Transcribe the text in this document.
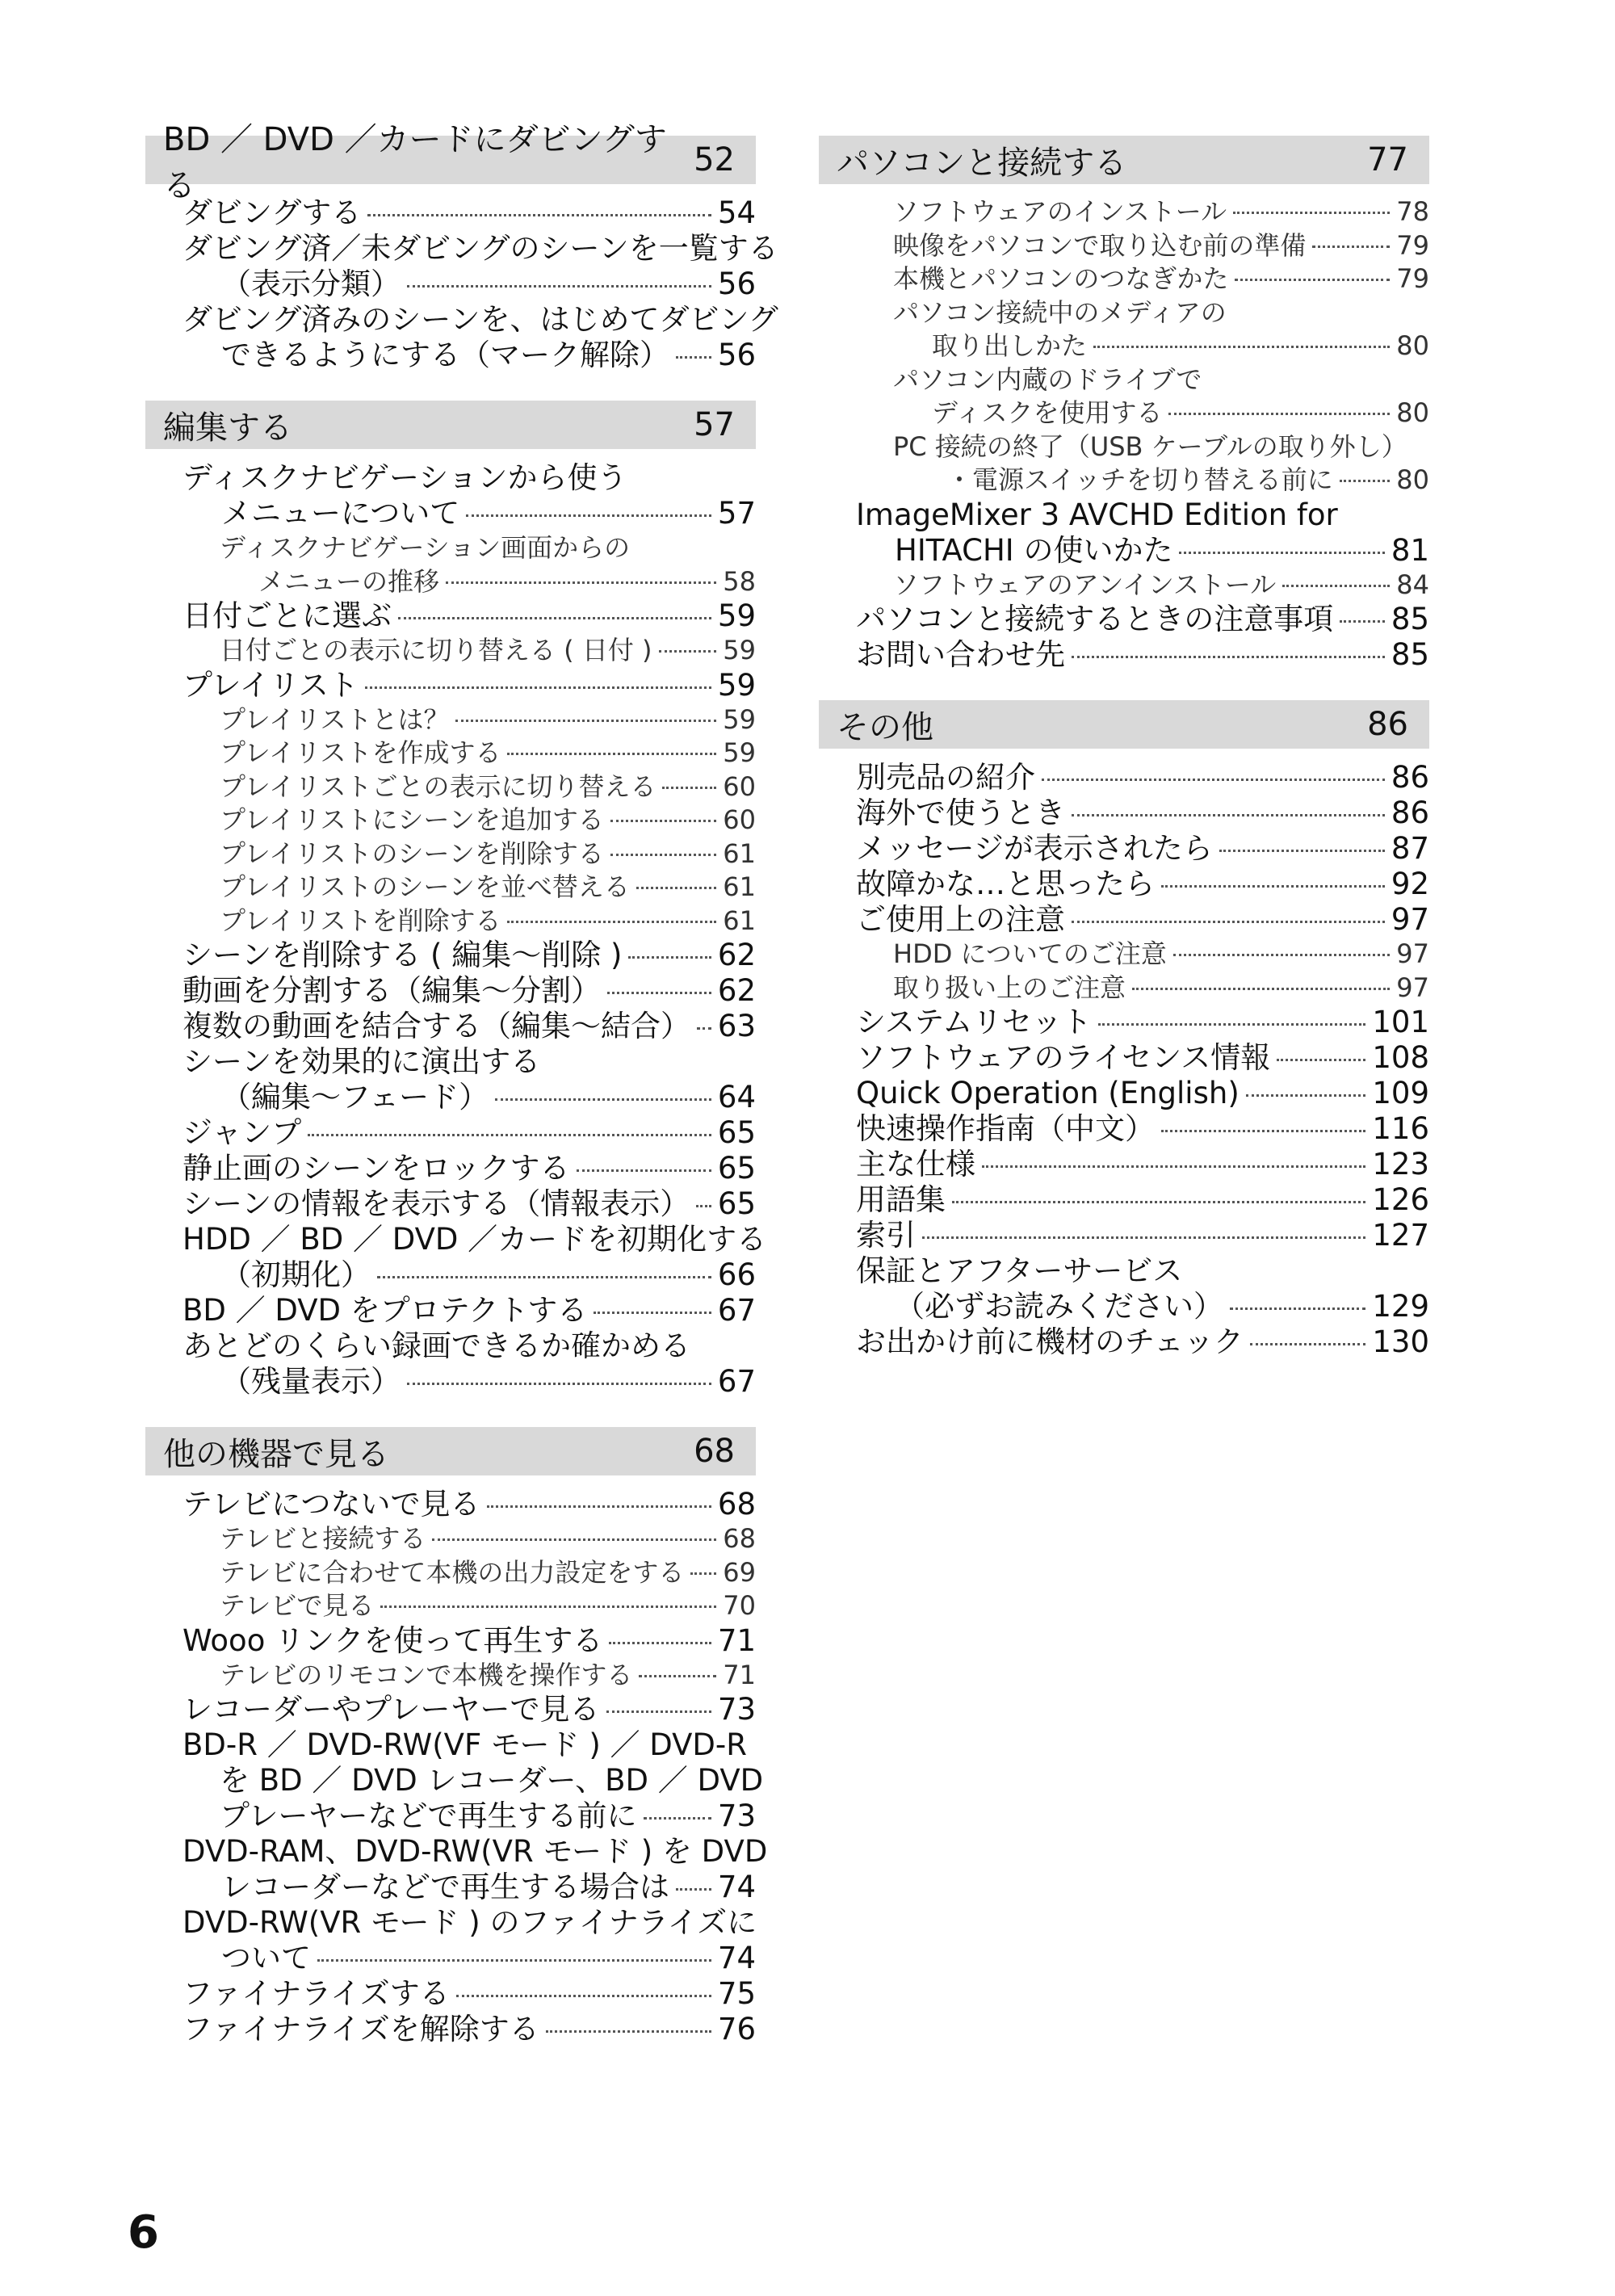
BD ／ DVD ／カードにダビングする
52
ダビングする	54
ダビング済／未ダビングのシーンを一覧する
（表示分類）	56
ダビング済みのシーンを、はじめてダビング
できるようにする（マーク解除） 56
編集する	57
ディスクナビゲーションから使う
メニューについて	57
ディスクナビゲーション画面からの
メニューの推移	58
日付ごとに選ぶ	59
日付ごとの表示に切り替える ( 日付 )	59
プレイリスト	59
プレイリストとは？	59
プレイリストを作成する	59
プレイリストごとの表示に切り替える	60
プレイリストにシーンを追加する	60
プレイリストのシーンを削除する	61
プレイリストのシーンを並べ替える	61
プレイリストを削除する	61
シーンを削除する ( 編集〜削除 )	62
動画を分割する（編集〜分割）	62
複数の動画を結合する（編集〜結合） 63
シーンを効果的に演出する
（編集〜フェード）	64
ジャンプ	65
静止画のシーンをロックする	65
シーンの情報を表示する（情報表示） 65
HDD ／ BD ／ DVD ／カードを初期化する
（初期化）	66
BD ／ DVD をプロテクトする	67
あとどのくらい録画できるか確かめる
（残量表示）	67
他の機器で見る	68
テレビにつないで見る	68
テレビと接続する	68
テレビに合わせて本機の出力設定をする 69
テレビで見る	70
Wooo リンクを使って再生する	71
テレビのリモコンで本機を操作する	71
レコーダーやプレーヤーで見る	73
BD-R ／ DVD-RW(VF モード ) ／ DVD-R
を BD ／ DVD レコーダー、BD ／ DVD
プレーヤーなどで再生する前に	73
DVD-RAM、DVD-RW(VR モード ) を DVD
レコーダーなどで再生する場合は 74
DVD-RW(VR モード ) のファイナライズに
ついて	74
ファイナライズする	75
ファイナライズを解除する	76
パソコンと接続する	77
ソフトウェアのインストール	78
映像をパソコンで取り込む前の準備	79
本機とパソコンのつなぎかた	79
パソコン接続中のメディアの
取り出しかた	80
パソコン内蔵のドライブで
ディスクを使用する	80
PC 接続の終了（USB ケーブルの取り外し）
・電源スイッチを切り替える前に 80
ImageMixer 3 AVCHD Edition for
HITACHI の使いかた	81
ソフトウェアのアンインストール	84
パソコンと接続するときの注意事項 85
お問い合わせ先	85
その他	86
別売品の紹介	86
海外で使うとき	86
メッセージが表示されたら	87
故障かな…と思ったら	92
ご使用上の注意	97
HDD についてのご注意	97
取り扱い上のご注意	97
システムリセット	101
ソフトウェアのライセンス情報	108
Quick Operation (English)	109
快速操作指南（中文）	116
主な仕様	123
用語集	126
索引	127
保証とアフターサービス
（必ずお読みください）	129
お出かけ前に機材のチェック	130
6
